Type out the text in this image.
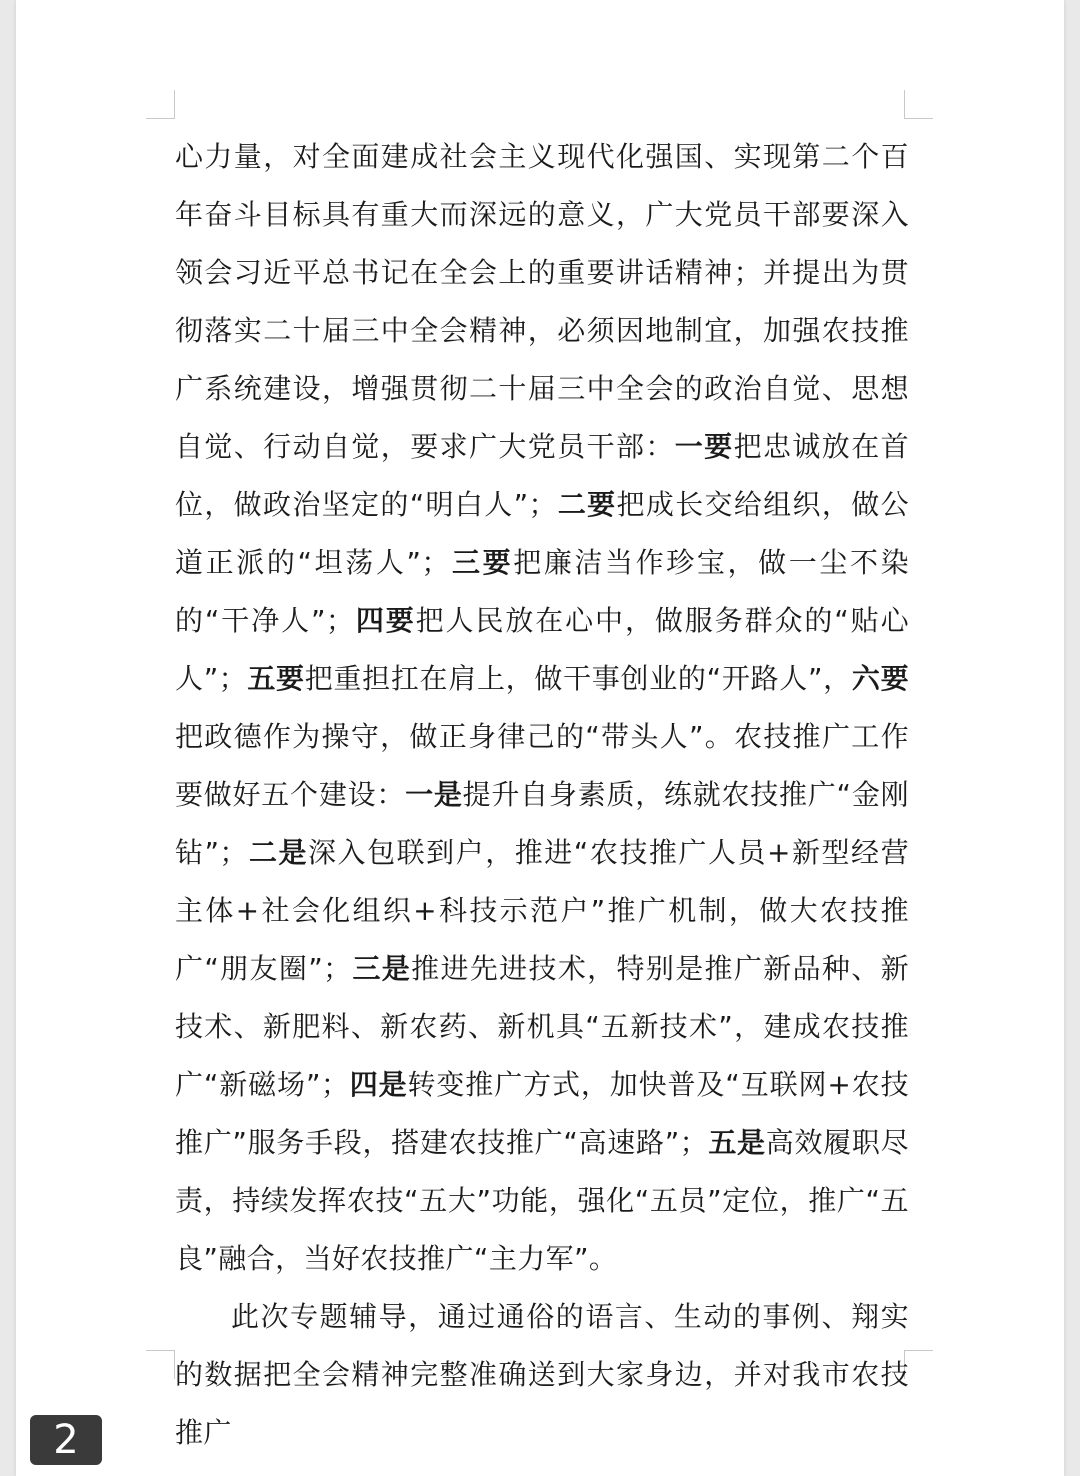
心力量，对全面建成社会主义现代化强国、实现第二个百年奋斗目标具有重大而深远的意义，广大党员干部要深入领会习近平总书记在全会上的重要讲话精神；并提出为贯彻落实二十届三中全会精神，必须因地制宜，加强农技推广系统建设，增强贯彻二十届三中全会的政治自觉、思想自觉、行动自觉，要求广大党员干部：一要把忠诚放在首位，做政治坚定的“明白人”；二要把成长交给组织，做公道正派的“坦荡人”；三要把廉洁当作珍宝，做一尘不染的“干净人”；四要把人民放在心中，做服务群众的“贴心人”；五要把重担扛在肩上，做干事创业的“开路人”，六要把政德作为操守，做正身律己的“带头人”。农技推广工作要做好五个建设：一是提升自身素质，练就农技推广“金刚钻”；二是深入包联到户，推进“农技推广人员+新型经营主体+社会化组织+科技示范户”推广机制，做大农技推广“朋友圈”；三是推进先进技术，特别是推广新品种、新技术、新肥料、新农药、新机具“五新技术”，建成农技推广“新磁场”；四是转变推广方式，加快普及“互联网+农技推广”服务手段，搭建农技推广“高速路”；五是高效履职尽责，持续发挥农技“五大”功能，强化“五员”定位，推广“五良”融合，当好农技推广“主力军”。

此次专题辅导，通过通俗的语言、生动的事例、翔实的数据把全会精神完整准确送到大家身边，并对我市农技推广

2
